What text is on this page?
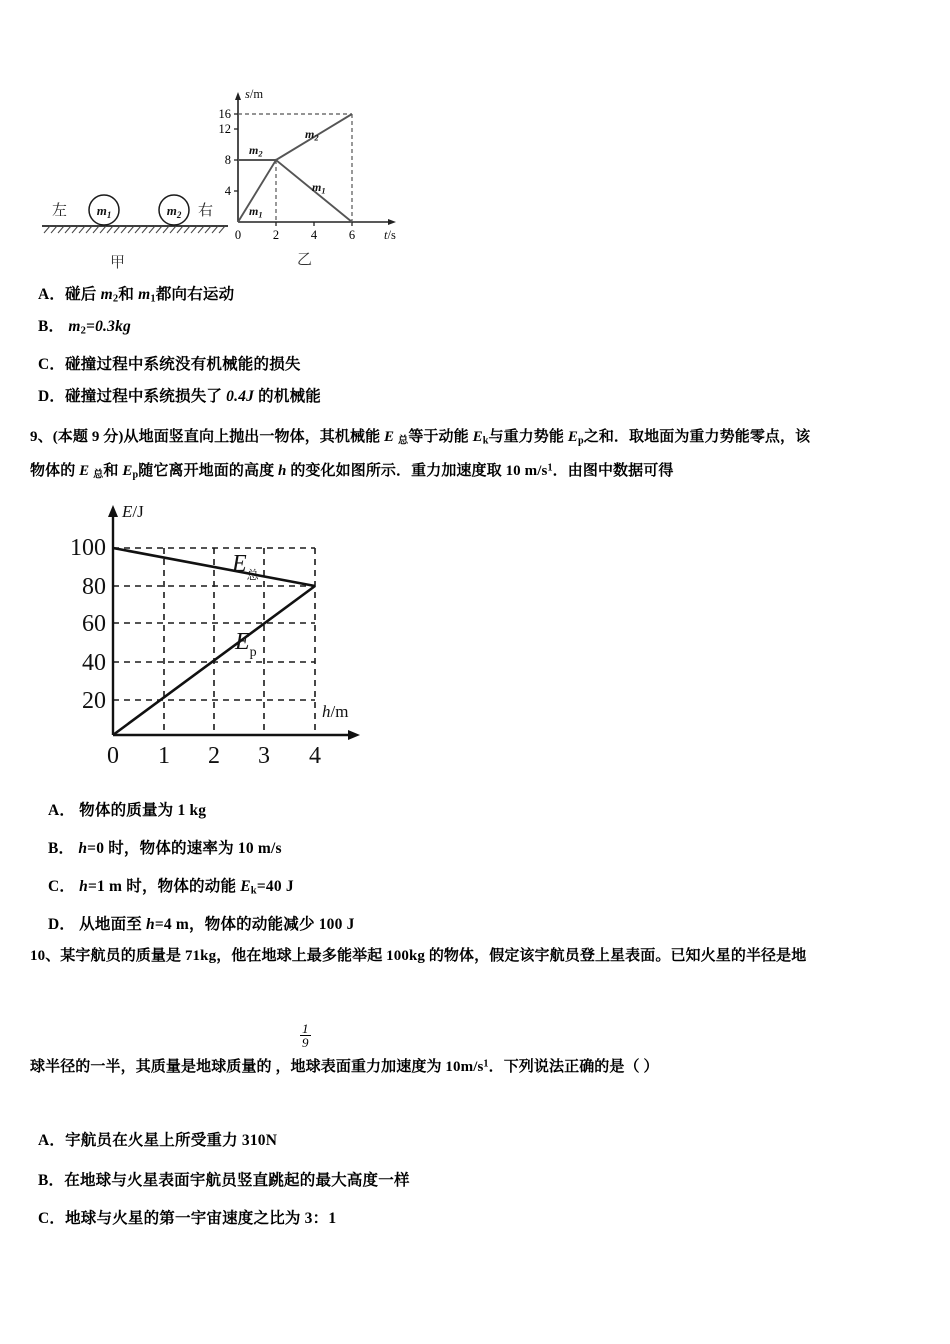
左 $m_1$	$m_2$ 右
甲
s/m
t/s
4
8
12
16
0	2	4	6
$m_1$
$m_2$
$m_2$
$m_1$
乙
A．碰后 $m_2$和 $m_1$都向右运动
B． $m_2=0.3kg$
C．碰撞过程中系统没有机械能的损失
D．碰撞过程中系统损失了 0.4J 的机械能
9、(本题 9 分)从地面竖直向上抛出一物体，其机械能 E $_总$等于动能 $E_k$与重力势能 $E_p$之和．取地面为重力势能零点，该
物体的 E $_总$和 $E_p$随它离开地面的高度 h 的变化如图所示．重力加速度取 10 $m/s^1$．由图中数据可得
E/J
h/m
100
80
60
40
20
0 1 2 3 4
$E_总$
$E_p$
A． 物体的质量为 1 kg
B． h=0 时，物体的速率为 10 m/s
C． h=1 m 时，物体的动能 $E_k=40$ J
D． 从地面至 h=4 m，物体的动能减少 100 J
10、某宇航员的质量是 71kg，他在地球上最多能举起 100kg 的物体，假定该宇航员登上星表面。已知火星的半径是地
$\frac{1}{9}$
球半径的一半，其质量是地球质量的 ，地球表面重力加速度为 $10m/s^1$．下列说法正确的是（ ）
A．宇航员在火星上所受重力 310N
B．在地球与火星表面宇航员竖直跳起的最大高度一样
C．地球与火星的第一宇宙速度之比为 3：1
